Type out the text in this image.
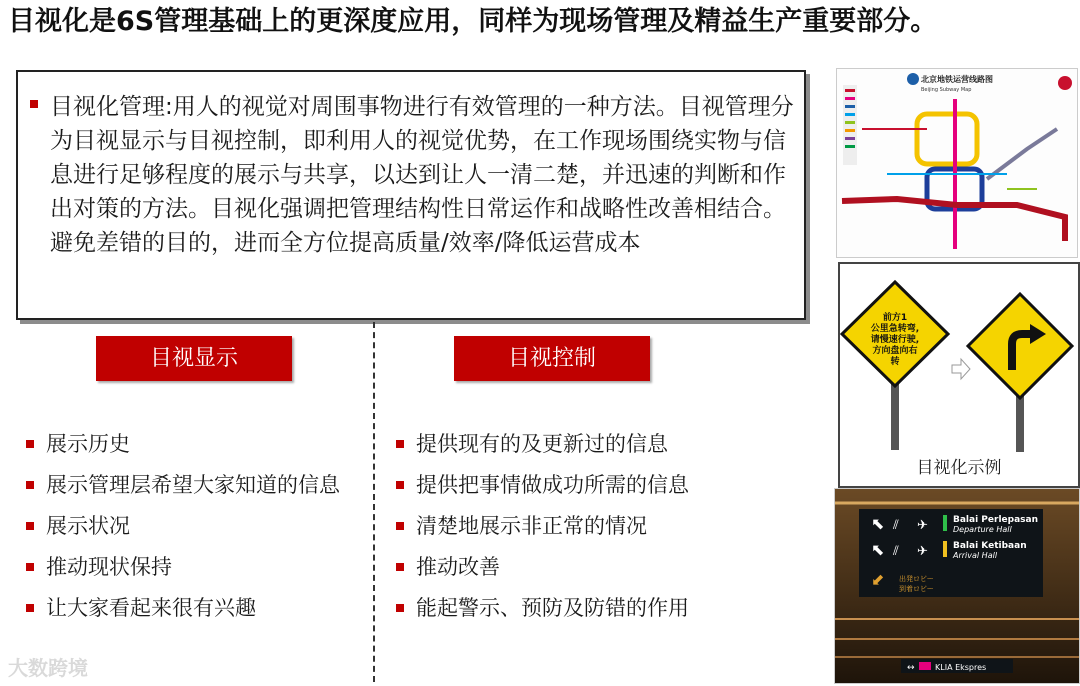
目视化是6S管理基础上的更深度应用，同样为现场管理及精益生产重要部分。
目视化管理:用人的视觉对周围事物进行有效管理的一种方法。目视管理分为目视显示与目视控制，即利用人的视觉优势，在工作现场围绕实物与信息进行足够程度的展示与共享，以达到让人一清二楚，并迅速的判断和作出对策的方法。目视化强调把管理结构性日常运作和战略性改善相结合。避免差错的目的，进而全方位提高质量/效率/降低运营成本
目视显示	目视控制
展示历史
展示管理层希望大家知道的信息
展示状况
推动现状保持
让大家看起来很有兴趣
提供现有的及更新过的信息
提供把事情做成功所需的信息
清楚地展示非正常的情况
推动改善
能起警示、预防及防错的作用
北京地铁运营线路图
Beijing Subway Map
前方1
公里急转弯,
请慢速行驶,
方向盘向右
转
目视化示例
⬉
⬉
⬋
⫽
⫽
✈
✈
Balai Perlepasan
Departure Hall
Balai Ketibaan
Arrival Hall
出発ロビー
到着ロビー
↔	KLIA Ekspres
大数跨境
